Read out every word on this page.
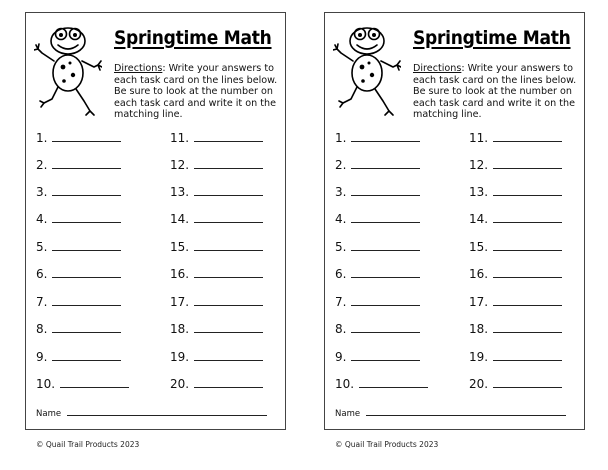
Springtime Math
Directions: Write your answers to each task card on the lines below. Be sure to look at the number on each task card and write it on the matching line.
1.
2.
3.
4.
5.
6.
7.
8.
9.
10.
11.
12.
13.
14.
15.
16.
17.
18.
19.
20.
Name
Springtime Math
Directions: Write your answers to each task card on the lines below. Be sure to look at the number on each task card and write it on the matching line.
1.
2.
3.
4.
5.
6.
7.
8.
9.
10.
11.
12.
13.
14.
15.
16.
17.
18.
19.
20.
Name
© Quail Trail Products 2023	© Quail Trail Products 2023
